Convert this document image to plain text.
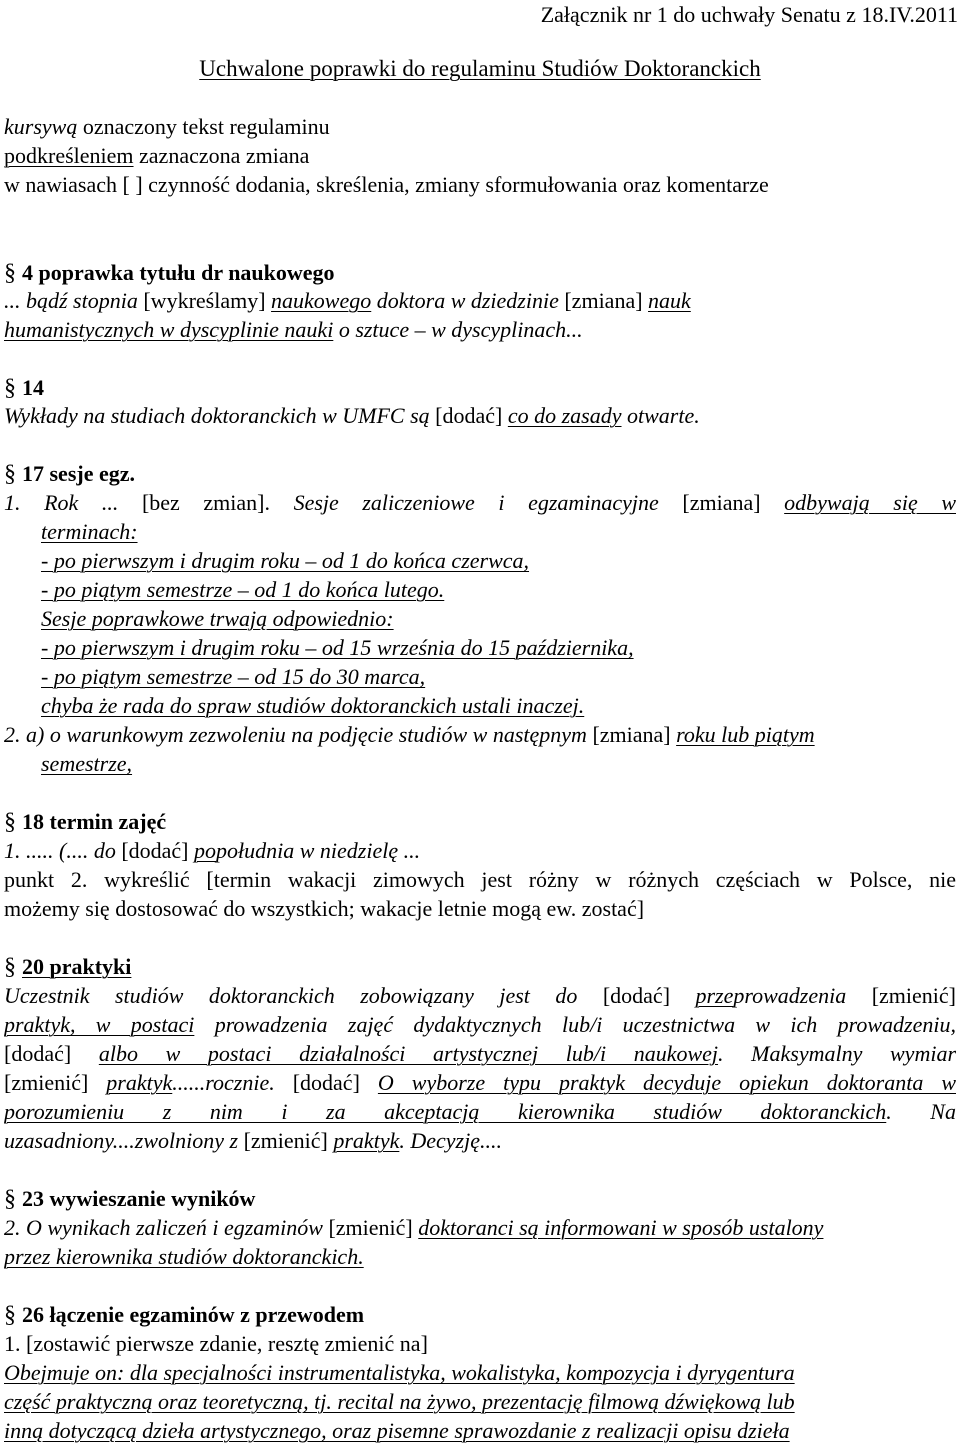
Załącznik nr 1 do uchwały Senatu z 18.IV.2011
Uchwalone poprawki do regulaminu Studiów Doktoranckich
kursywą oznaczony tekst regulaminu
podkreśleniem zaznaczona zmiana
w nawiasach [ ] czynność dodania, skreślenia, zmiany sformułowania oraz komentarze
§ 4 poprawka tytułu dr naukowego
... bądź stopnia [wykreślamy] naukowego doktora w dziedzinie [zmiana] nauk
humanistycznych w dyscyplinie nauki o sztuce – w dyscyplinach...
§ 14
Wykłady na studiach doktoranckich w UMFC są [dodać] co do zasady otwarte.
§ 17 sesje egz.
1. Rok ... [bez zmian]. Sesje zaliczeniowe i egzaminacyjne [zmiana] odbywają się w
terminach:
- po pierwszym i drugim roku – od 1 do końca czerwca,
- po piątym semestrze – od 1 do końca lutego.
Sesje poprawkowe trwają odpowiednio:
- po pierwszym i drugim roku – od 15 września do 15 października,
- po piątym semestrze – od 15 do 30 marca,
chyba że rada do spraw studiów doktoranckich ustali inaczej.
2. a) o warunkowym zezwoleniu na podjęcie studiów w następnym [zmiana] roku lub piątym
semestrze,
§ 18 termin zajęć
1. ..... (.... do [dodać] popołudnia w niedzielę ...
punkt 2. wykreślić [termin wakacji zimowych jest różny w różnych częściach w Polsce, nie
możemy się dostosować do wszystkich; wakacje letnie mogą ew. zostać]
§ 20 praktyki
Uczestnik studiów doktoranckich zobowiązany jest do [dodać] przeprowadzenia [zmienić]
praktyk, w postaci prowadzenia zajęć dydaktycznych lub/i uczestnictwa w ich prowadzeniu,
[dodać] albo w postaci działalności artystycznej lub/i naukowej. Maksymalny wymiar
[zmienić] praktyk......rocznie. [dodać] O wyborze typu praktyk decyduje opiekun doktoranta w
porozumieniu z nim i za akceptacją kierownika studiów doktoranckich. Na
uzasadniony....zwolniony z [zmienić] praktyk. Decyzję....
§ 23 wywieszanie wyników
2. O wynikach zaliczeń i egzaminów [zmienić] doktoranci są informowani w sposób ustalony
przez kierownika studiów doktoranckich.
§ 26 łączenie egzaminów z przewodem
1. [zostawić pierwsze zdanie, resztę zmienić na]
Obejmuje on: dla specjalności instrumentalistyka, wokalistyka, kompozycja i dyrygentura
część praktyczną oraz teoretyczną, tj. recital na żywo, prezentację filmową dźwiękową lub
inną dotyczącą dzieła artystycznego, oraz pisemne sprawozdanie z realizacji opisu dzieła
